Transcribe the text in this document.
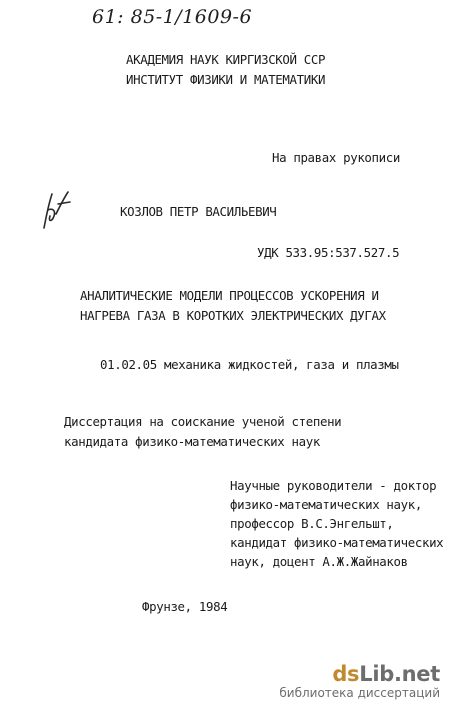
61: 85-1/1609-6
АКАДЕМИЯ НАУК КИРГИЗСКОЙ ССР
ИНСТИТУТ ФИЗИКИ И МАТЕМАТИКИ
На правах рукописи
КОЗЛОВ ПЕТР ВАСИЛЬЕВИЧ
УДК 533.95:537.527.5
АНАЛИТИЧЕСКИЕ МОДЕЛИ ПРОЦЕССОВ УСКОРЕНИЯ И
НАГРЕВА ГАЗА В КОРОТКИХ ЭЛЕКТРИЧЕСКИХ ДУГАХ
01.02.05 механика жидкостей, газа и плазмы
Диссертация на соискание ученой степени
кандидата физико-математических наук
Научные руководители - доктор
физико-математических наук,
профессор В.С.Энгельшт,
кандидат физико-математических
наук, доцент А.Ж.Жайнаков
Фрунзе, 1984
dsLib.net
библиотека диссертаций
